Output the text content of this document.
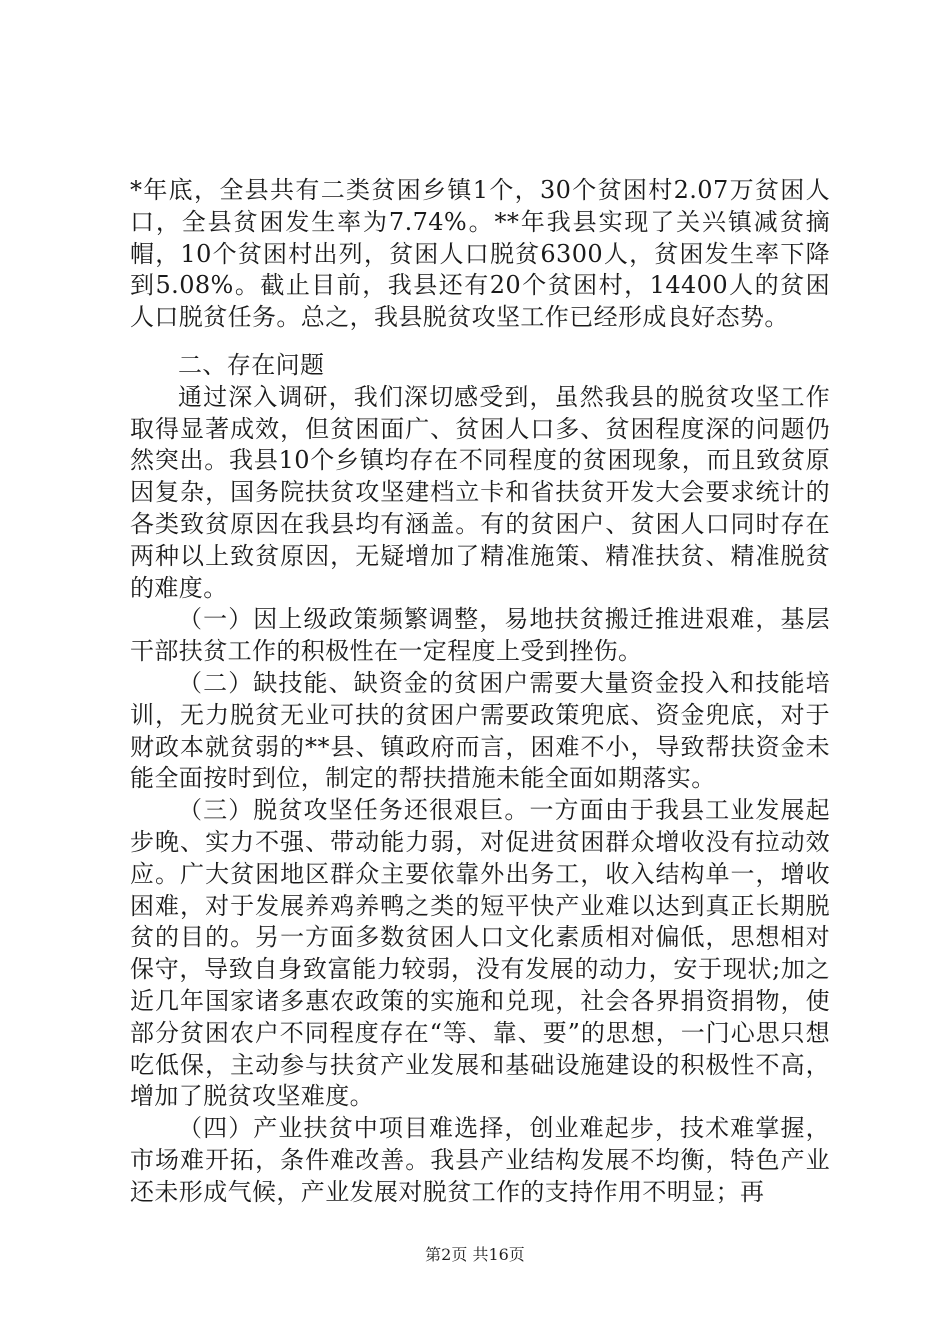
*年底，全县共有二类贫困乡镇1个，30个贫困村2.07万贫困人口，全县贫困发生率为7.74%。**年我县实现了关兴镇减贫摘帽，10个贫困村出列，贫困人口脱贫6300人，贫困发生率下降到5.08%。截止目前，我县还有20个贫困村，14400人的贫困人口脱贫任务。总之，我县脱贫攻坚工作已经形成良好态势。

二、存在问题

通过深入调研，我们深切感受到，虽然我县的脱贫攻坚工作取得显著成效，但贫困面广、贫困人口多、贫困程度深的问题仍然突出。我县10个乡镇均存在不同程度的贫困现象，而且致贫原因复杂，国务院扶贫攻坚建档立卡和省扶贫开发大会要求统计的各类致贫原因在我县均有涵盖。有的贫困户、贫困人口同时存在两种以上致贫原因，无疑增加了精准施策、精准扶贫、精准脱贫的难度。

（一）因上级政策频繁调整，易地扶贫搬迁推进艰难，基层干部扶贫工作的积极性在一定程度上受到挫伤。

（二）缺技能、缺资金的贫困户需要大量资金投入和技能培训，无力脱贫无业可扶的贫困户需要政策兜底、资金兜底，对于财政本就贫弱的**县、镇政府而言，困难不小，导致帮扶资金未能全面按时到位，制定的帮扶措施未能全面如期落实。

（三）脱贫攻坚任务还很艰巨。一方面由于我县工业发展起步晚、实力不强、带动能力弱，对促进贫困群众增收没有拉动效应。广大贫困地区群众主要依靠外出务工，收入结构单一，增收困难，对于发展养鸡养鸭之类的短平快产业难以达到真正长期脱贫的目的。另一方面多数贫困人口文化素质相对偏低，思想相对保守，导致自身致富能力较弱，没有发展的动力，安于现状;加之近几年国家诸多惠农政策的实施和兑现，社会各界捐资捐物，使部分贫困农户不同程度存在“等、靠、要”的思想，一门心思只想吃低保，主动参与扶贫产业发展和基础设施建设的积极性不高，增加了脱贫攻坚难度。

（四）产业扶贫中项目难选择，创业难起步，技术难掌握，市场难开拓，条件难改善。我县产业结构发展不均衡，特色产业还未形成气候，产业发展对脱贫工作的支持作用不明显；再

第2页 共16页
